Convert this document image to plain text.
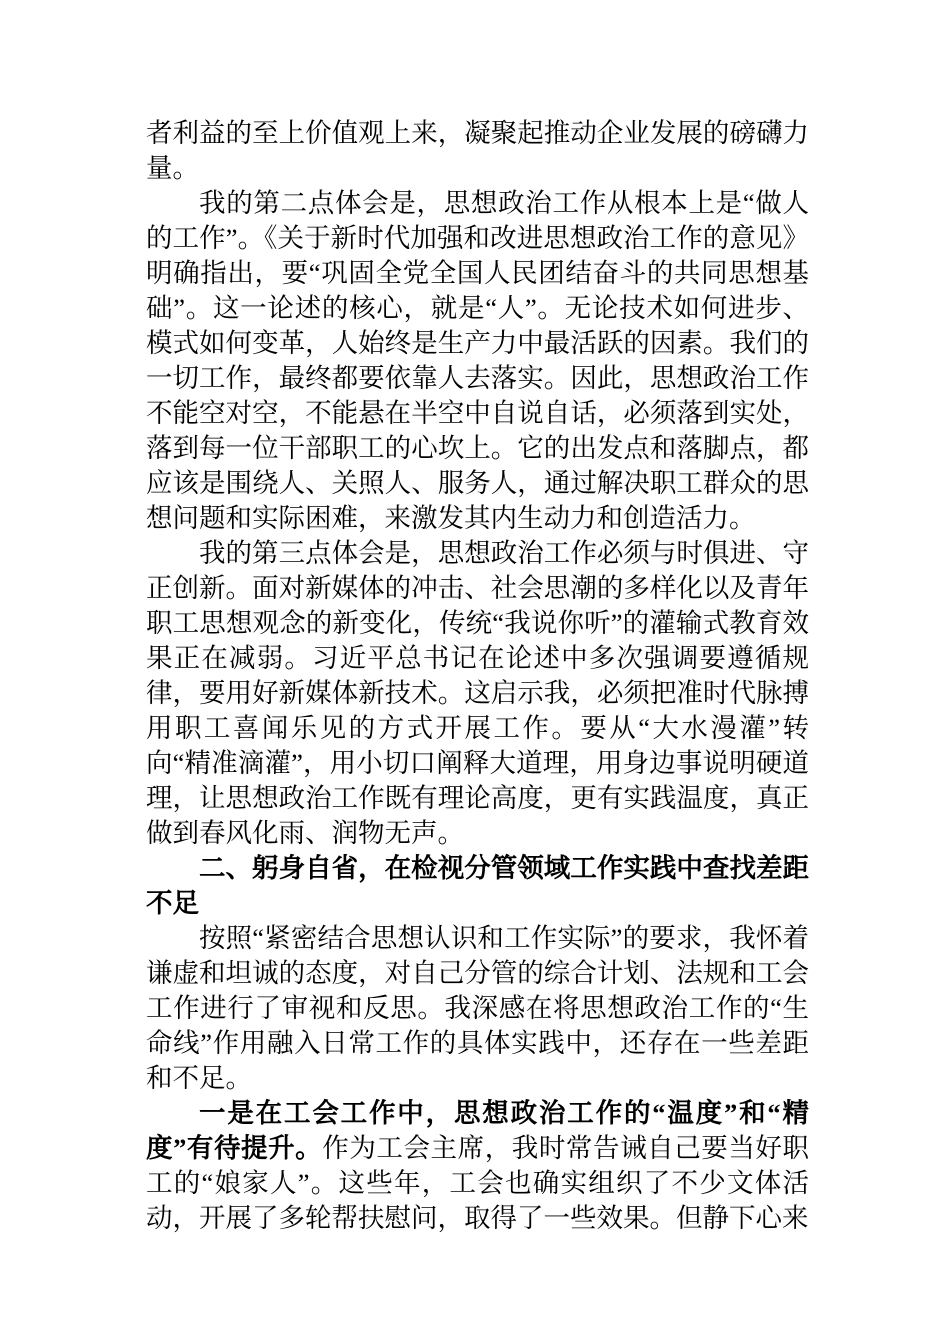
者利益的至上价值观上来，凝聚起推动企业发展的磅礴力量。

我的第二点体会是，思想政治工作从根本上是“做人的工作”。《关于新时代加强和改进思想政治工作的意见》明确指出，要“巩固全党全国人民团结奋斗的共同思想基础”。这一论述的核心，就是“人”。无论技术如何进步、模式如何变革，人始终是生产力中最活跃的因素。我们的一切工作，最终都要依靠人去落实。因此，思想政治工作不能空对空，不能悬在半空中自说自话，必须落到实处，落到每一位干部职工的心坎上。它的出发点和落脚点，都应该是围绕人、关照人、服务人，通过解决职工群众的思想问题和实际困难，来激发其内生动力和创造活力。

我的第三点体会是，思想政治工作必须与时俱进、守正创新。面对新媒体的冲击、社会思潮的多样化以及青年职工思想观念的新变化，传统“我说你听”的灌输式教育效果正在减弱。习近平总书记在论述中多次强调要遵循规律，要用好新媒体新技术。这启示我，必须把准时代脉搏用职工喜闻乐见的方式开展工作。要从“大水漫灌”转向“精准滴灌”，用小切口阐释大道理，用身边事说明硬道理，让思想政治工作既有理论高度，更有实践温度，真正做到春风化雨、润物无声。

二、躬身自省，在检视分管领域工作实践中查找差距不足

按照“紧密结合思想认识和工作实际”的要求，我怀着谦虚和坦诚的态度，对自己分管的综合计划、法规和工会工作进行了审视和反思。我深感在将思想政治工作的“生命线”作用融入日常工作的具体实践中，还存在一些差距和不足。

一是在工会工作中，思想政治工作的“温度”和“精度”有待提升。作为工会主席，我时常告诫自己要当好职工的“娘家人”。这些年，工会也确实组织了不少文体活动，开展了多轮帮扶慰问，取得了一些效果。但静下心来
